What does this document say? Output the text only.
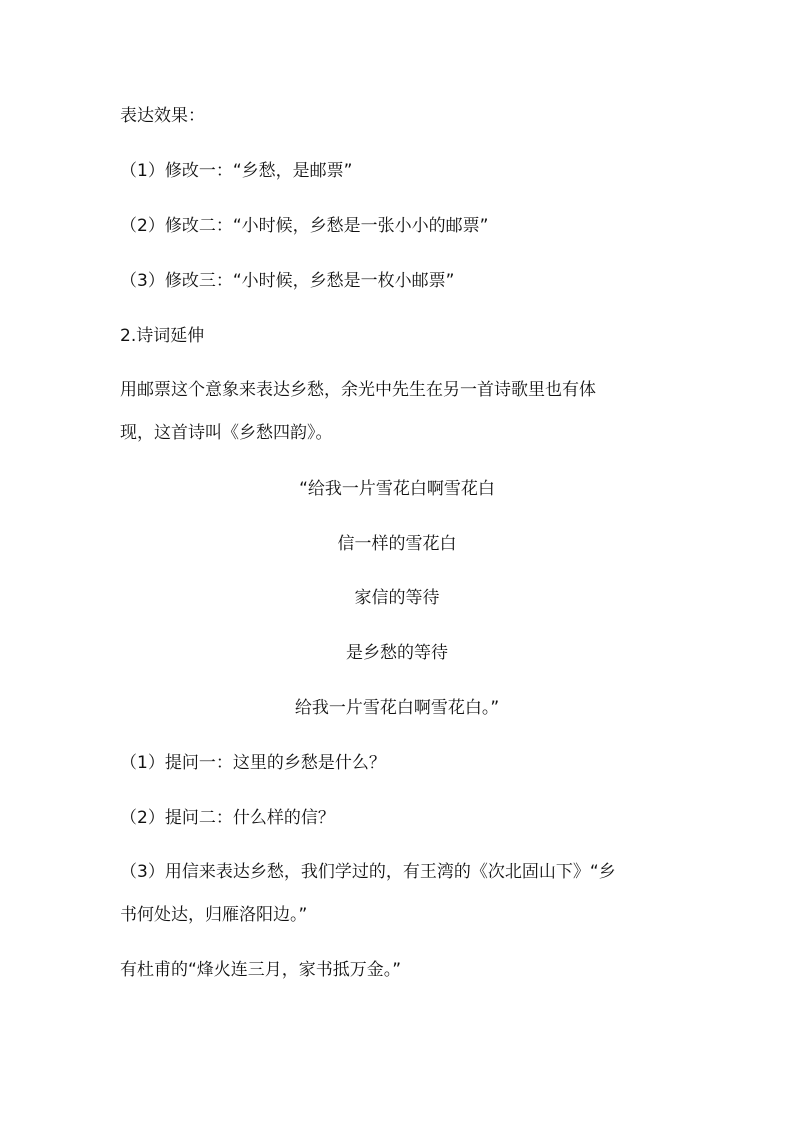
表达效果：
（1）修改一：“乡愁，是邮票”
（2）修改二：“小时候，乡愁是一张小小的邮票”
（3）修改三：“小时候，乡愁是一枚小邮票”
2.诗词延伸
用邮票这个意象来表达乡愁，余光中先生在另一首诗歌里也有体
现，这首诗叫《乡愁四韵》。
“给我一片雪花白啊雪花白
信一样的雪花白
家信的等待
是乡愁的等待
给我一片雪花白啊雪花白。”
（1）提问一：这里的乡愁是什么？
（2）提问二：什么样的信？
（3）用信来表达乡愁，我们学过的，有王湾的《次北固山下》“乡
书何处达，归雁洛阳边。”
有杜甫的“烽火连三月，家书抵万金。”
